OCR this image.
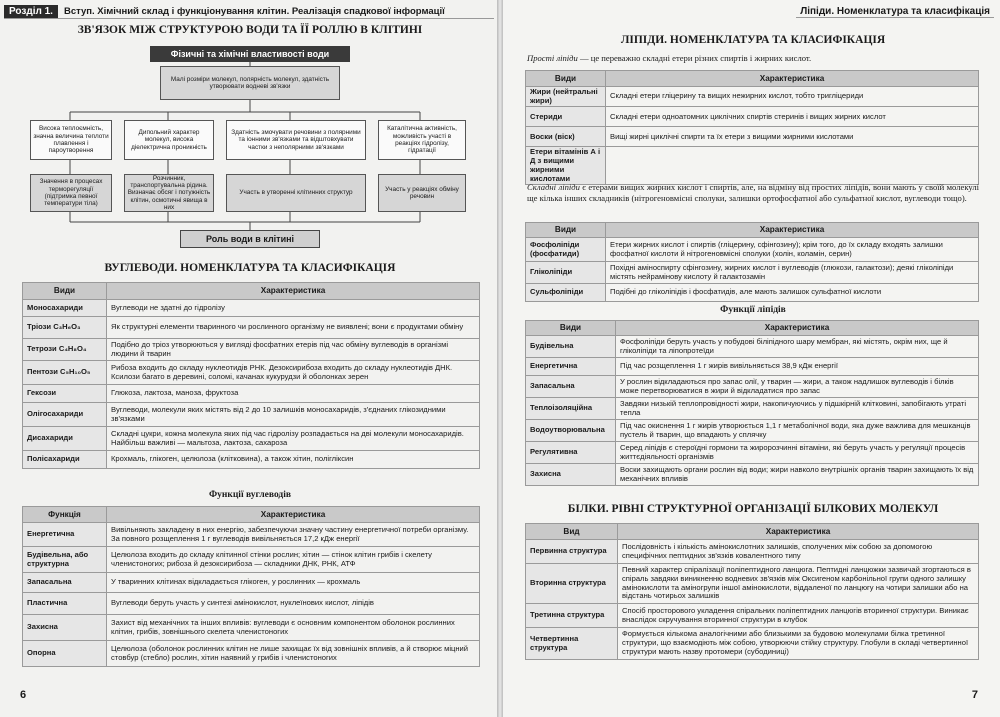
Розділ 1.	Вступ. Хімічний склад і функціонування клітин. Реалізація спадкової інформації
ЗВ'ЯЗОК МІЖ СТРУКТУРОЮ ВОДИ ТА ЇЇ РОЛЛЮ В КЛІТИНІ
Фізичні та хімічні властивості води
Малі розміри молекул, полярність молекул, здатність утворювати водневі зв'язки
Висока теплоємність, значна величина теплоти плавлення і пароутворення
Дипольний характер молекул, висока діелектрична проникність
Здатність змочувати речовини з полярними та іонними зв'язками та відштовхувати частки з неполярними зв'язками
Каталітична активність, можливість участі в реакціях гідролізу, гідратації
Значення в процесах терморегуляції (підтримка певної температури тіла)
Розчинник, транспортувальна рідина. Визначає обсяг і потужність клітин, осмотичні явища в них
Участь в утворенні клітинних структур
Участь у реакціях обміну речовин
Роль води в клітині
ВУГЛЕВОДИ. НОМЕНКЛАТУРА ТА КЛАСИФІКАЦІЯ
Види	Характеристика
Моносахариди	Вуглеводи не здатні до гідролізу
Тріози C₃H₆O₃	Як структурні елементи тваринного чи рослинного організму не виявлені; вони є продуктами обміну
Тетрози C₄H₈O₄	Подібно до тріоз утворюються у вигляді фосфатних етерів під час обміну вуглеводів в організмі людини й тварин
Пентози C₅H₁₀O₅	Рибоза входить до складу нуклеотидів РНК. Дезоксирибоза входить до складу нуклеотидів ДНК. Ксилози багато в деревині, соломі, качанах кукурудзи й оболонках зерен
Гексози	Глюкоза, лактоза, маноза, фруктоза
Олігосахариди	Вуглеводи, молекули яких містять від 2 до 10 залишків моносахаридів, з'єднаних глікозидними зв'язками
Дисахариди	Складні цукри, кожна молекула яких під час гідролізу розпадається на дві молекули моносахаридів. Найбільш важливі — мальтоза, лактоза, сахароза
Полісахариди	Крохмаль, глікоген, целюлоза (клітковина), а також хітин, полігліксин
Функції вуглеводів
Функція	Характеристика
Енергетична	Вивільняють закладену в них енергію, забезпечуючи значну частину енергетичної потреби організму. За повного розщеплення 1 г вуглеводів вивільняється 17,2 кДж енергії
Будівельна, або структурна	Целюлоза входить до складу клітинної стінки рослин; хітин — стінок клітин грибів і скелету членистоногих; рибоза й дезоксирибоза — складники ДНК, РНК, АТФ
Запасальна	У тваринних клітинах відкладається глікоген, у рослинних — крохмаль
Пластична	Вуглеводи беруть участь у синтезі амінокислот, нуклеїнових кислот, ліпідів
Захисна	Захист від механічних та інших впливів: вуглеводи є основним компонентом оболонок рослинних клітин, грибів, зовнішнього скелета членистоногих
Опорна	Целюлоза (оболонок рослинних клітин не лише захищає їх від зовнішніх впливів, а й створює міцний стовбур (стебло) рослин, хітин наявний у грибів і членистоногих
6
Ліпіди. Номенклатура та класифікація
ЛІПІДИ. НОМЕНКЛАТУРА ТА КЛАСИФІКАЦІЯ
Прості ліпіди — це переважно складні етери різних спиртів і жирних кислот.
Види	Характеристика
Жири (нейтральні жири)	Складні етери гліцерину та вищих нежирних кислот, тобто тригліцериди
Стериди	Складні етери одноатомних циклічних спиртів стеринів і вищих жирних кислот
Воски (віск)	Вищі жирні циклічні спирти та їх етери з вищими жирними кислотами
Етери вітамінів А і Д з вищими жирними кислотами	
Складні ліпіди є етерами вищих жирних кислот і спиртів, але, на відміну від простих ліпідів, вони мають у своїй молекулі ще кілька інших складників (нітрогеновмісні сполуки, залишки ортофосфатної або сульфатної кислот, вуглеводи тощо).
Види	Характеристика
Фосфоліпіди (фосфатиди)	Етери жирних кислот і спиртів (гліцерину, сфінгозину); крім того, до їх складу входять залишки фосфатної кислоти й нітрогеновмісні сполуки (холін, коламін, серин)
Гліколіпіди	Похідні аміноспирту сфінгозину, жирних кислот і вуглеводів (глюкози, галактози); деякі гліколіпіди містять нейрамінову кислоту й галактозамін
Сульфоліпіди	Подібні до гліколіпідів і фосфатидів, але мають залишок сульфатної кислоти
Функції ліпідів
Види	Характеристика
Будівельна	Фосфоліпіди беруть участь у побудові біліпідного шару мембран, які містять, окрім них, ще й гліколіпіди та ліпопротеїди
Енергетична	Під час розщеплення 1 г жирів вивільняється 38,9 кДж енергії
Запасальна	У рослин відкладаються про запас олії, у тварин — жири, а також надлишок вуглеводів і білків може перетворюватися в жири й відкладатися про запас
Теплоізоляційна	Завдяки низькій теплопровідності жири, накопичуючись у підшкірній клітковині, запобігають утраті тепла
Водоутворювальна	Під час окиснення 1 г жирів утворюється 1,1 г метаболічної води, яка дуже важлива для мешканців пустель й тварин, що впадають у сплячку
Регулятивна	Серед ліпідів є стероїдні гормони та жиророзчинні вітаміни, які беруть участь у регуляції процесів життєдіяльності організмів
Захисна	Воски захищають органи рослин від води; жири навколо внутрішніх органів тварин захищають їх від механічних впливів
БІЛКИ. РІВНІ СТРУКТУРНОЇ ОРГАНІЗАЦІЇ БІЛКОВИХ МОЛЕКУЛ
Вид	Характеристика
Первинна структура	Послідовність і кількість амінокислотних залишків, сполучених між собою за допомогою специфічних пептидних зв'язків ковалентного типу
Вторинна структура	Певний характер спіралізації поліпептидного ланцюга. Пептидні ланцюжки зазвичай згортаються в спіраль завдяки виникненню водневих зв'язків між Оксигеном карбонільної групи одного залишку амінокислоти та аміногрупи іншої амінокислоти, віддаленої по ланцюгу на чотири залишки або на відстань чотирьох залишків
Третинна структура	Спосіб просторового укладення спіральних поліпептидних ланцюгів вторинної структури. Виникає внаслідок скручування вторинної структури в клубок
Четвертинна структура	Формується кількома аналогічними або близькими за будовою молекулами білка третинної структури, що взаємодіють між собою, утворюючи стійку структуру. Глобули в складі четвертинної структури мають назву протомери (субодиниці)
7
